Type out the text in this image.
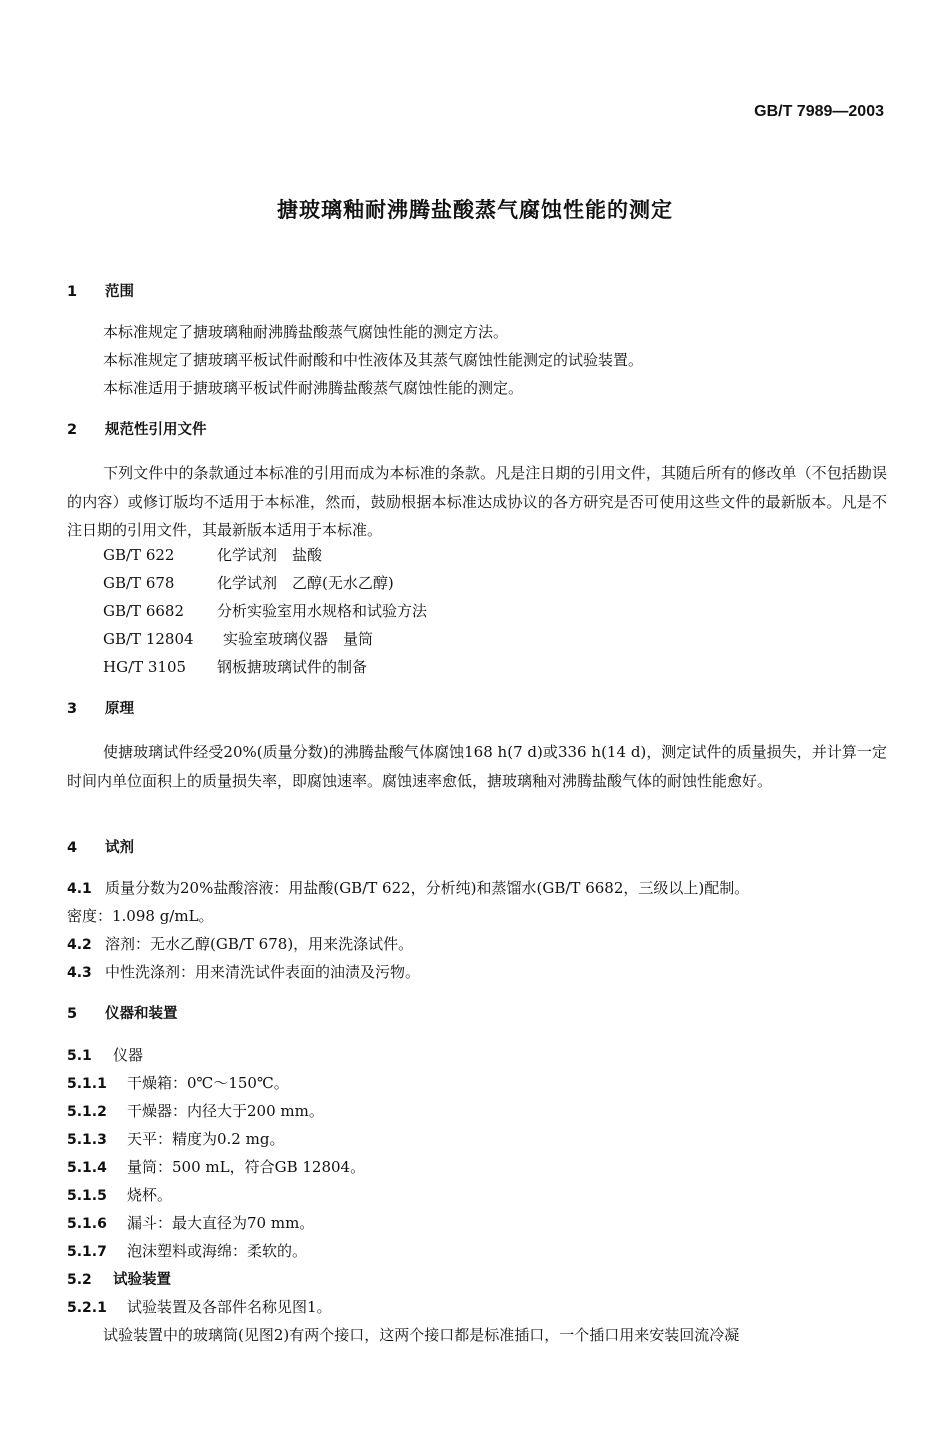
GB/T 7989—2003
搪玻璃釉耐沸腾盐酸蒸气腐蚀性能的测定
1 范围
本标准规定了搪玻璃釉耐沸腾盐酸蒸气腐蚀性能的测定方法。
本标准规定了搪玻璃平板试件耐酸和中性液体及其蒸气腐蚀性能测定的试验装置。
本标准适用于搪玻璃平板试件耐沸腾盐酸蒸气腐蚀性能的测定。
2 规范性引用文件
下列文件中的条款通过本标准的引用而成为本标准的条款。凡是注日期的引用文件，其随后所有的修改单（不包括勘误的内容）或修订版均不适用于本标准，然而，鼓励根据本标准达成协议的各方研究是否可使用这些文件的最新版本。凡是不注日期的引用文件，其最新版本适用于本标准。
GB/T 622	化学试剂　盐酸
GB/T 678	化学试剂　乙醇(无水乙醇)
GB/T 6682 分析实验室用水规格和试验方法
GB/T 12804 实验室玻璃仪器　量筒
HG/T 3105 钢板搪玻璃试件的制备
3 原理
使搪玻璃试件经受20%(质量分数)的沸腾盐酸气体腐蚀168 h(7 d)或336 h(14 d)，测定试件的质量损失，并计算一定时间内单位面积上的质量损失率，即腐蚀速率。腐蚀速率愈低，搪玻璃釉对沸腾盐酸气体的耐蚀性能愈好。
4 试剂
4.1 质量分数为20%盐酸溶液：用盐酸(GB/T 622，分析纯)和蒸馏水(GB/T 6682，三级以上)配制。
密度：1.098 g/mL。
4.2 溶剂：无水乙醇(GB/T 678)，用来洗涤试件。
4.3 中性洗涤剂：用来清洗试件表面的油渍及污物。
5 仪器和装置
5.1 仪器
5.1.1 干燥箱：0℃～150℃。
5.1.2 干燥器：内径大于200 mm。
5.1.3 天平：精度为0.2 mg。
5.1.4 量筒：500 mL，符合GB 12804。
5.1.5 烧杯。
5.1.6 漏斗：最大直径为70 mm。
5.1.7 泡沫塑料或海绵：柔软的。
5.2 试验装置
5.2.1 试验装置及各部件名称见图1。
试验装置中的玻璃筒(见图2)有两个接口，这两个接口都是标准插口，一个插口用来安装回流冷凝
